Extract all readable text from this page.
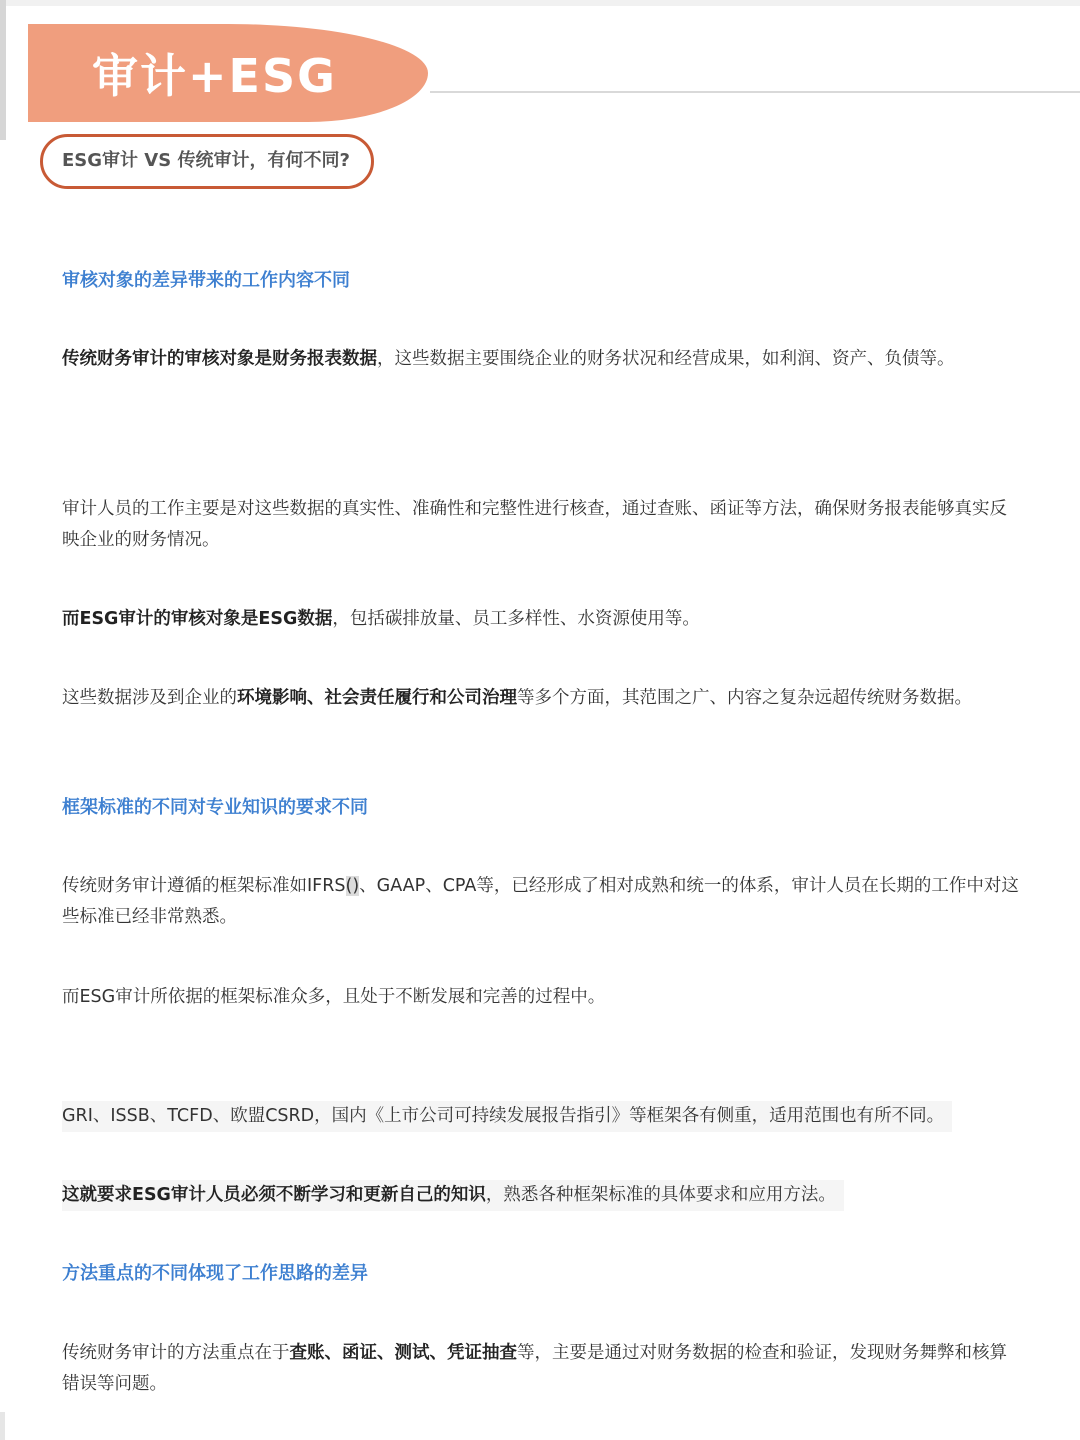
审计+ESG
ESG审计 VS 传统审计，有何不同?
审核对象的差异带来的工作内容不同
传统财务审计的审核对象是财务报表数据，这些数据主要围绕企业的财务状况和经营成果，如利润、资产、负债等。
审计人员的工作主要是对这些数据的真实性、准确性和完整性进行核查，通过查账、函证等方法，确保财务报表能够真实反映企业的财务情况。
而ESG审计的审核对象是ESG数据，包括碳排放量、员工多样性、水资源使用等。
这些数据涉及到企业的环境影响、社会责任履行和公司治理等多个方面，其范围之广、内容之复杂远超传统财务数据。
框架标准的不同对专业知识的要求不同
传统财务审计遵循的框架标准如IFRS()、GAAP、CPA等，已经形成了相对成熟和统一的体系，审计人员在长期的工作中对这些标准已经非常熟悉。
而ESG审计所依据的框架标准众多，且处于不断发展和完善的过程中。
GRI、ISSB、TCFD、欧盟CSRD，国内《上市公司可持续发展报告指引》等框架各有侧重，适用范围也有所不同。
这就要求ESG审计人员必须不断学习和更新自己的知识，熟悉各种框架标准的具体要求和应用方法。
方法重点的不同体现了工作思路的差异
传统财务审计的方法重点在于查账、函证、测试、凭证抽查等，主要是通过对财务数据的检查和验证，发现财务舞弊和核算错误等问题。
